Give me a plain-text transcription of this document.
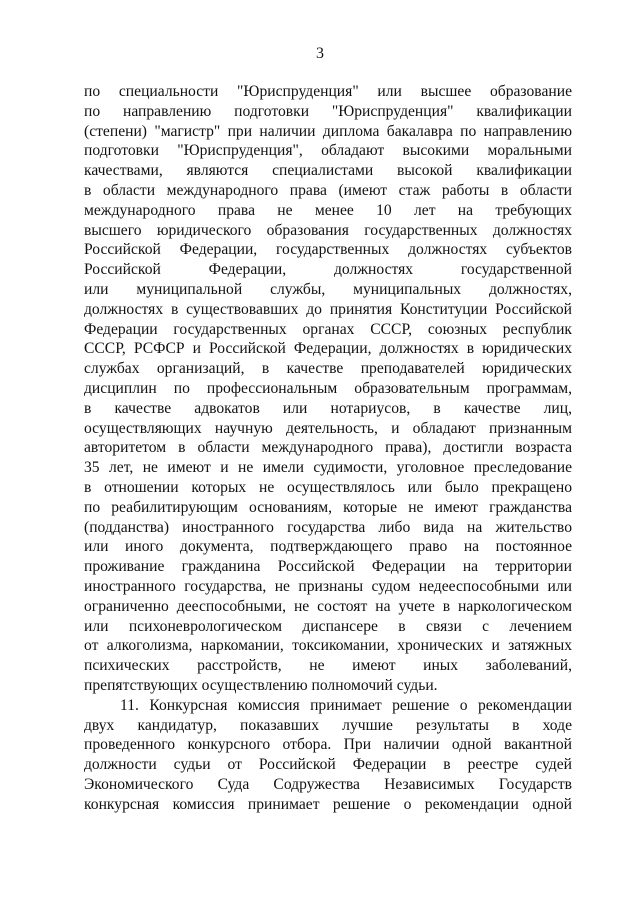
3
по специальности "Юриспруденция" или высшее образование
по направлению подготовки "Юриспруденция" квалификации
(степени) "магистр" при наличии диплома бакалавра по направлению
подготовки "Юриспруденция", обладают высокими моральными
качествами, являются специалистами высокой квалификации
в области международного права (имеют стаж работы в области
международного права не менее 10 лет на требующих
высшего юридического образования государственных должностях
Российской Федерации, государственных должностях субъектов
Российской Федерации, должностях государственной
или муниципальной службы, муниципальных должностях,
должностях в существовавших до принятия Конституции Российской
Федерации государственных органах СССР, союзных республик
СССР, РСФСР и Российской Федерации, должностях в юридических
службах организаций, в качестве преподавателей юридических
дисциплин по профессиональным образовательным программам,
в качестве адвокатов или нотариусов, в качестве лиц,
осуществляющих научную деятельность, и обладают признанным
авторитетом в области международного права), достигли возраста
35 лет, не имеют и не имели судимости, уголовное преследование
в отношении которых не осуществлялось или было прекращено
по реабилитирующим основаниям, которые не имеют гражданства
(подданства) иностранного государства либо вида на жительство
или иного документа, подтверждающего право на постоянное
проживание гражданина Российской Федерации на территории
иностранного государства, не признаны судом недееспособными или
ограниченно дееспособными, не состоят на учете в наркологическом
или психоневрологическом диспансере в связи с лечением
от алкоголизма, наркомании, токсикомании, хронических и затяжных
психических расстройств, не имеют иных заболеваний,
препятствующих осуществлению полномочий судьи.
11. Конкурсная комиссия принимает решение о рекомендации
двух кандидатур, показавших лучшие результаты в ходе
проведенного конкурсного отбора. При наличии одной вакантной
должности судьи от Российской Федерации в реестре судей
Экономического Суда Содружества Независимых Государств
конкурсная комиссия принимает решение о рекомендации одной
